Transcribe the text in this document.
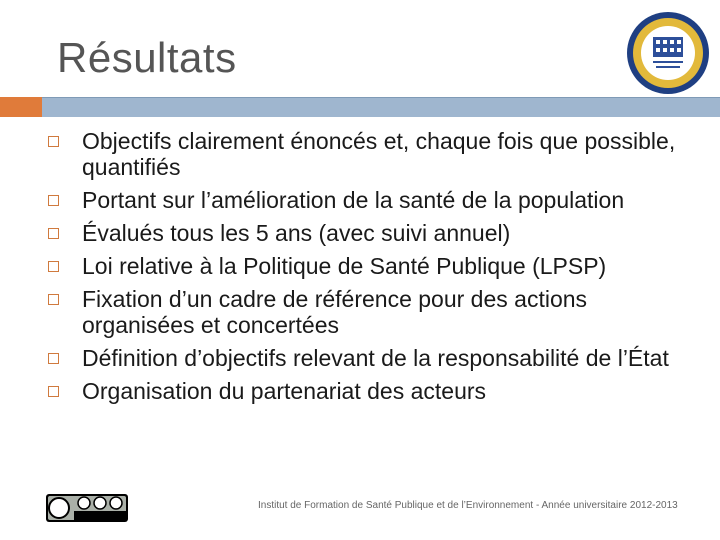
Résultats
Objectifs clairement énoncés et, chaque fois que possible, quantifiés
Portant sur l’amélioration de la santé de la population
Évalués tous les 5 ans (avec suivi annuel)
Loi relative à la Politique de Santé Publique (LPSP)
Fixation d’un cadre de référence pour des actions organisées et concertées
Définition d’objectifs relevant de la responsabilité de l’État
Organisation du partenariat des acteurs
Institut de Formation de Santé Publique et de l’Environnement - Année universitaire 2012-2013
